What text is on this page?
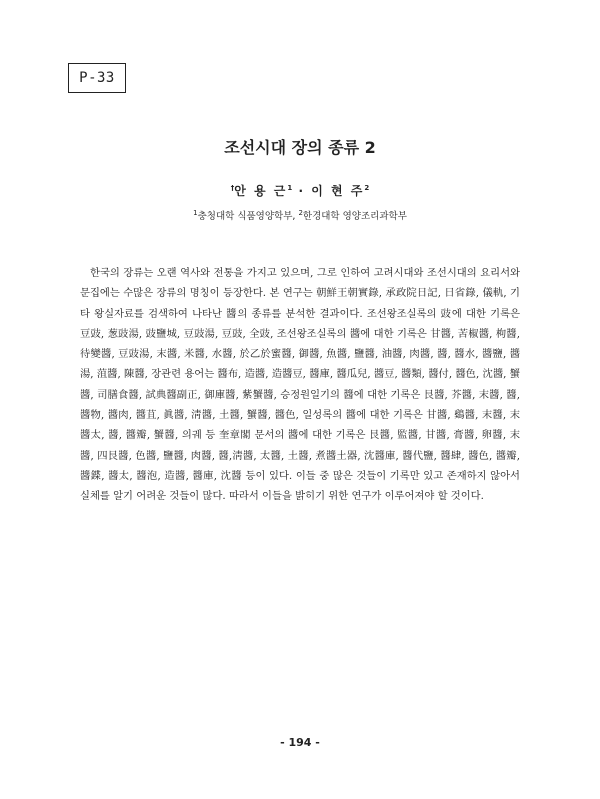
P-33
조선시대 장의 종류 2
†안 용 근$^1$ · 이 현 주$^2$
$^1$충청대학 식품영양학부, $^2$한경대학 영양조리과학부

한국의 장류는 오랜 역사와 전통을 가지고 있으며, 그로 인하여 고려시대와 조선시대의 요리서와 문집에는 수많은 장류의 명칭이 등장한다. 본 연구는 朝鮮王朝實錄, 承政院日記, 日省錄, 儀軌, 기타 왕실자료를 검색하여 나타난 醬의 종류를 분석한 결과이다. 조선왕조실록의 豉에 대한 기록은 豆豉, 葱豉湯, 豉鹽城, 豆豉湯, 豆豉, 全豉, 조선왕조실록의 醬에 대한 기록은 甘醬, 苦椒醬, 枸醬, 待變醬, 豆豉湯, 末醬, 米醬, 水醬, 於乙於蜜醬, 御醬, 魚醬, 鹽醬, 油醬, 肉醬, 醬, 醬水, 醬鹽, 醬湯, 菹醬, 陳醬, 장관련 용어는 醬布, 造醬, 造醬豆, 醬庫, 醬瓜兒, 醬豆, 醬類, 醬付, 醬色, 沈醬, 蟹醬, 司膳食醬, 試典醬副正, 御庫醬, 紫蟹醬, 승정원일기의 醬에 대한 기록은 艮醬, 芥醬, 末醬, 醬, 醬物, 醬肉, 醬苴, 眞醬, 淸醬, 土醬, 蟹醬, 醬色, 일성록의 醬에 대한 기록은 甘醬, 鷄醬, 末醬, 末醬太, 醬, 醬瓣, 蟹醬, 의궤 등 奎章閣 문서의 醬에 대한 기록은 艮醬, 監醬, 甘醬, 膏醬, 卵醬, 末醬, 四艮醬, 色醬, 鹽醬, 肉醬, 醬,淸醬, 太醬, 土醬, 煮醬土器, 沈醬庫, 醬代鹽, 醬肆, 醬色, 醬瓣, 醬鍱, 醬太, 醬泡, 造醬, 醬庫, 沈醬 등이 있다. 이들 중 많은 것들이 기록만 있고 존재하지 않아서 실체를 알기 어려운 것들이 많다. 따라서 이들을 밝히기 위한 연구가 이루어져야 할 것이다.

- 194 -
